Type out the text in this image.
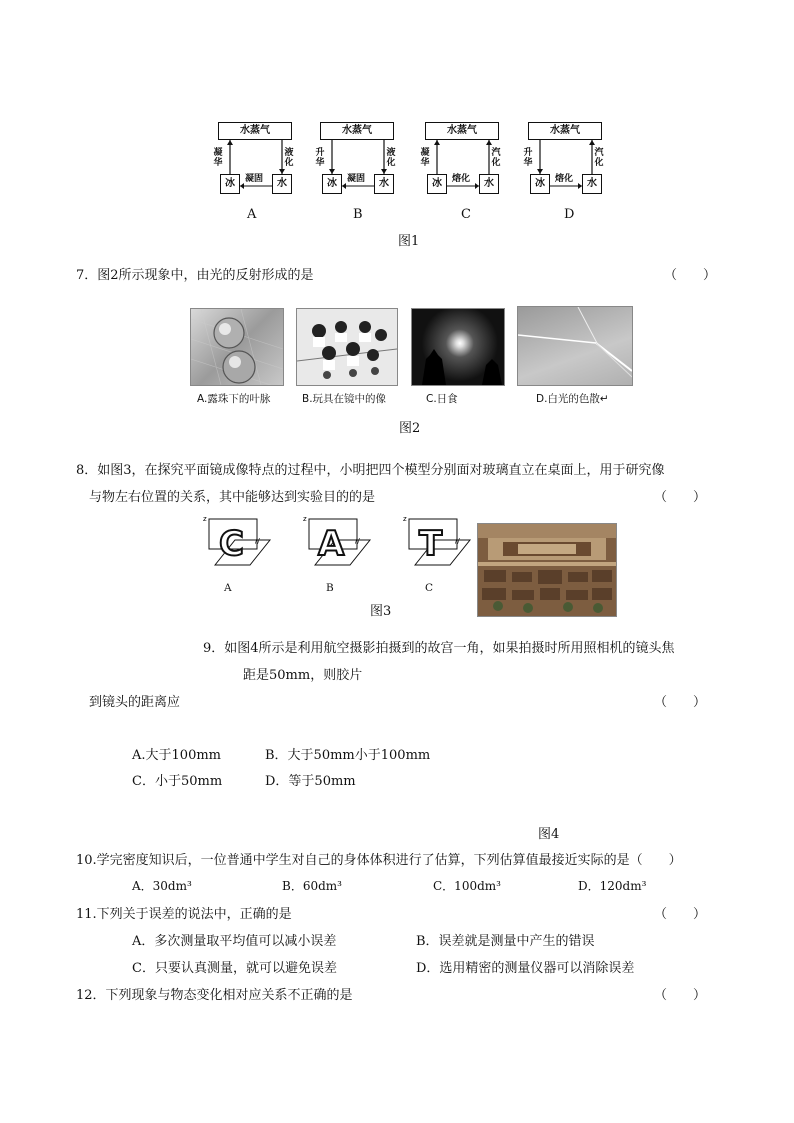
水蒸气
凝
华
液
化
冰	水
凝固
水蒸气
升
华
液
化
冰	水
凝固
水蒸气
凝
华
汽
化
冰	水
熔化
水蒸气
升
华
汽
化
冰	水
熔化
A	B	C	D
图1
7．图2所示现象中，由光的反射形成的是	（　　）
A.露珠下的叶脉	B.玩具在镜中的像	C.日食	D.白光的色散↵
图2
8．如图3，在探究平面镜成像特点的过程中，小明把四个模型分别面对玻璃直立在桌面上，用于研究像
与物左右位置的关系，其中能够达到实验目的的是	（　　）
z
//
z
//
z
//
C A T
A	B	C
图3
9．如图4所示是利用航空摄影拍摄到的故宫一角，如果拍摄时所用照相机的镜头焦
距是50mm，则胶片
到镜头的距离应	（　　）
A.大于100mm	B．大于50mm小于100mm
C．小于50mm	D．等于50mm
图4
10.学完密度知识后，一位普通中学生对自己的身体体积进行了估算，下列估算值最接近实际的是（　　）
A．30dm³	B．60dm³	C．100dm³	D．120dm³
11.下列关于误差的说法中，正确的是	（　　）
A．多次测量取平均值可以减小误差	B．误差就是测量中产生的错误
C．只要认真测量，就可以避免误差	D．选用精密的测量仪器可以消除误差
12．下列现象与物态变化相对应关系不正确的是	（　　）
